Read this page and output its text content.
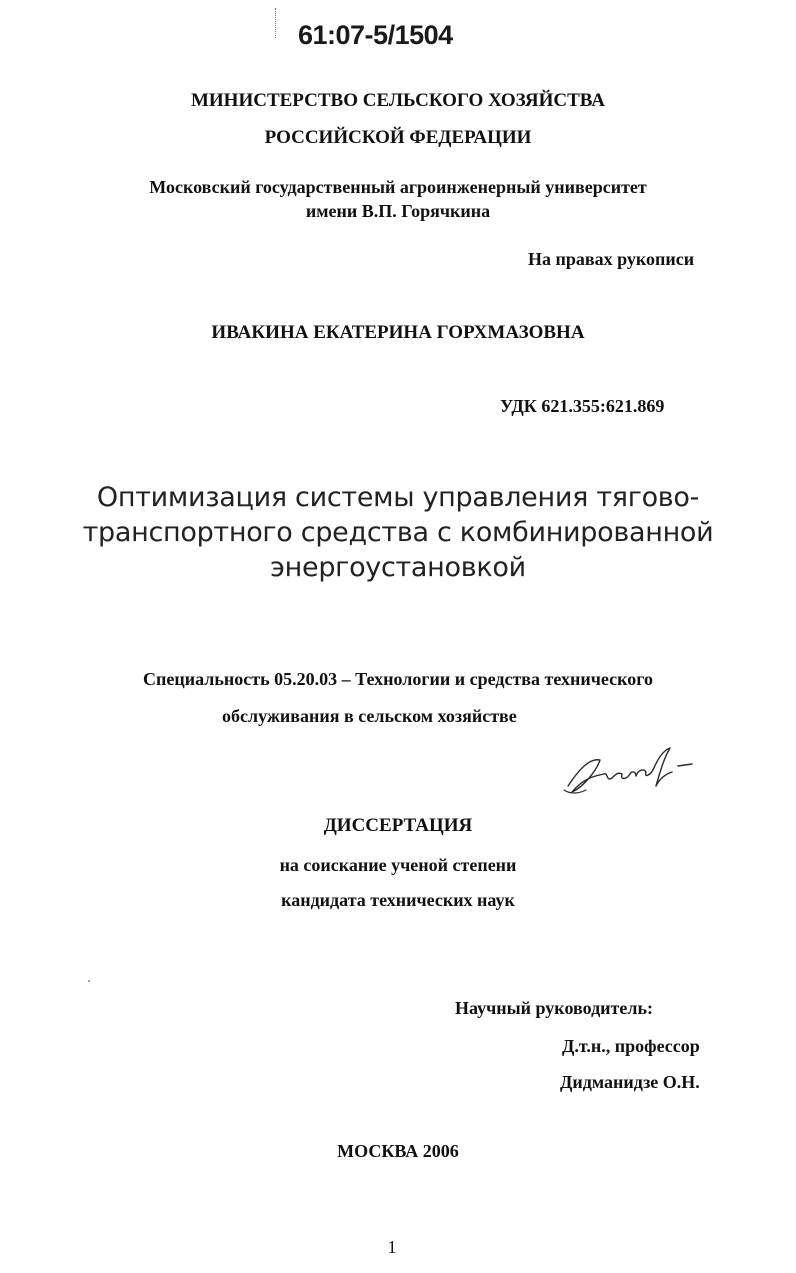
61:07-5/1504
МИНИСТЕРСТВО СЕЛЬСКОГО ХОЗЯЙСТВА
РОССИЙСКОЙ ФЕДЕРАЦИИ
Московский государственный агроинженерный университет
имени В.П. Горячкина
На правах рукописи
ИВАКИНА ЕКАТЕРИНА ГОРХМАЗОВНА
УДК 621.355:621.869
Оптимизация системы управления тягово-
транспортного средства с комбинированной
энергоустановкой
Специальность 05.20.03 – Технологии и средства технического
обслуживания в сельском хозяйстве
ДИССЕРТАЦИЯ
на соискание ученой степени
кандидата технических наук
Научный руководитель:
Д.т.н., профессор
Дидманидзе О.Н.
МОСКВА 2006
1
